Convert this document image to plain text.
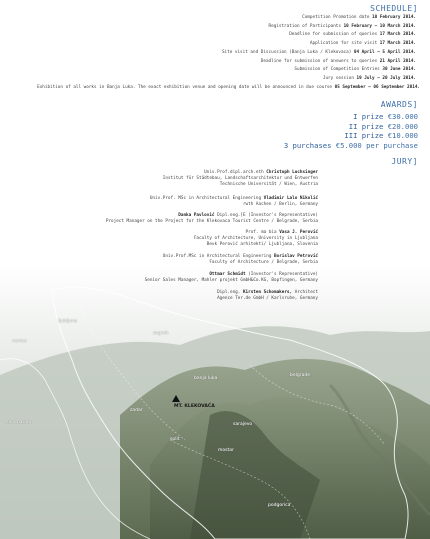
ljubljana
zagreb
venice
banja luka
belgrade
zadar
san marino
split
sarajevo
mostar
podgorica
MT. KLEKOVAČA
SCHEDULE]
Competition Promotion date 10 February 2014.
Registration of Participants 10 February – 10 March 2014.
Deadline for submission of queries 17 March 2014.
Application for site visit 17 March 2014.
Site visit and Discussion (Banja Luka / Klekovaca) 04 April – 5 April 2014.
Deadline for submission of answers to queries 21 April 2014.
Submission of Competition Entries 30 June 2014.
Jury session 19 July – 20 July 2014.
Exhibition of all works in Banja Luka. The exact exhibition venue and opening date will be announced in due course 05 September – 06 September 2014.
AWARDS]
I prize €30.000
II prize €20.000
III prize €10.000
3 purchases €5.000 per purchase
JURY]
Univ.Prof.dipl.arch.eth Christoph Luchsinger
Institut für Städtebau, Landschaftsarchitektur und Entwerfen
Technische Universität / Wien, Austria
Univ.Prof. MSc in Architectural Engineering Vladimir Lalo Nikolić
rwth Aachen / Berlin, Germany
Danka Pavlović Dipl.eng.[E (Investor's Representative)
Project Manager on the Project for the Klekovaca Tourist Centre / Belgrade, Serbia
Prof. ma bia Vasa J. Perović
Faculty of Architecture, University in Ljubljana
Bevk Perović arhitekti/ Ljubljana, Slovenia
Univ.Prof.MSc in Architectural Engineering Borislav Petrović
Faculty of Architecture / Belgrade, Serbia
Ottmar Schmidt (Investor's Representative)
Senior Sales Manager, Mahler projekt GmbH&Co.KG, Bopfingen, Germany
Dipl.eng. Kirsten Schomakers, Architect
Agence Ter.de GmbH / Karlsruhe, Germany
